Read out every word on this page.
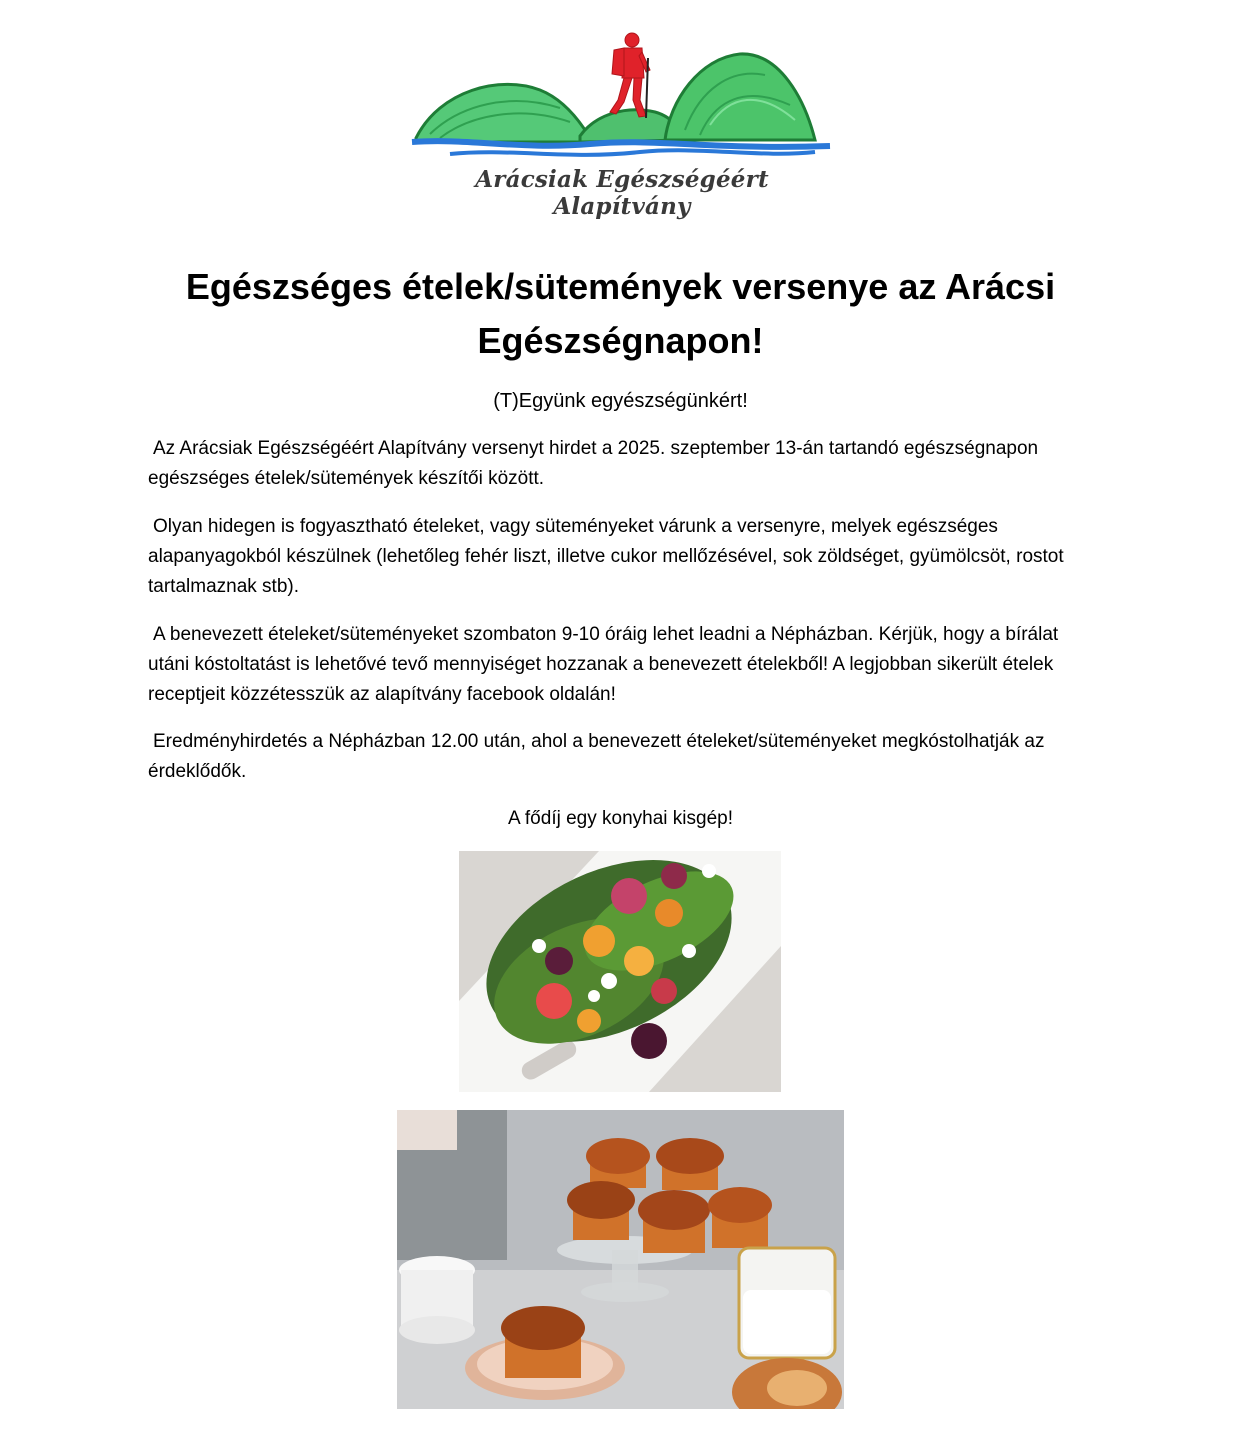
Arácsiak Egészségéért Alapítvány
Egészséges ételek/sütemények versenye az Arácsi Egészségnapon!
(T)Együnk egyészségünkért!

Az Arácsiak Egészségéért Alapítvány versenyt hirdet a 2025. szeptember 13-án tartandó egészségnapon egészséges ételek/sütemények készítői között.

Olyan hidegen is fogyasztható ételeket, vagy süteményeket várunk a versenyre, melyek egészséges alapanyagokból készülnek (lehetőleg fehér liszt, illetve cukor mellőzésével, sok zöldséget, gyümölcsöt, rostot tartalmaznak stb).

A benevezett ételeket/süteményeket szombaton 9-10 óráig lehet leadni a Népházban. Kérjük, hogy a bírálat utáni kóstoltatást is lehetővé tevő mennyiséget hozzanak a benevezett ételekből! A legjobban sikerült ételek receptjeit közzétesszük az alapítvány facebook oldalán!

Eredményhirdetés a Népházban 12.00 után, ahol a benevezett ételeket/süteményeket megkóstolhatják az érdeklődők.

A fődíj egy konyhai kisgép!
